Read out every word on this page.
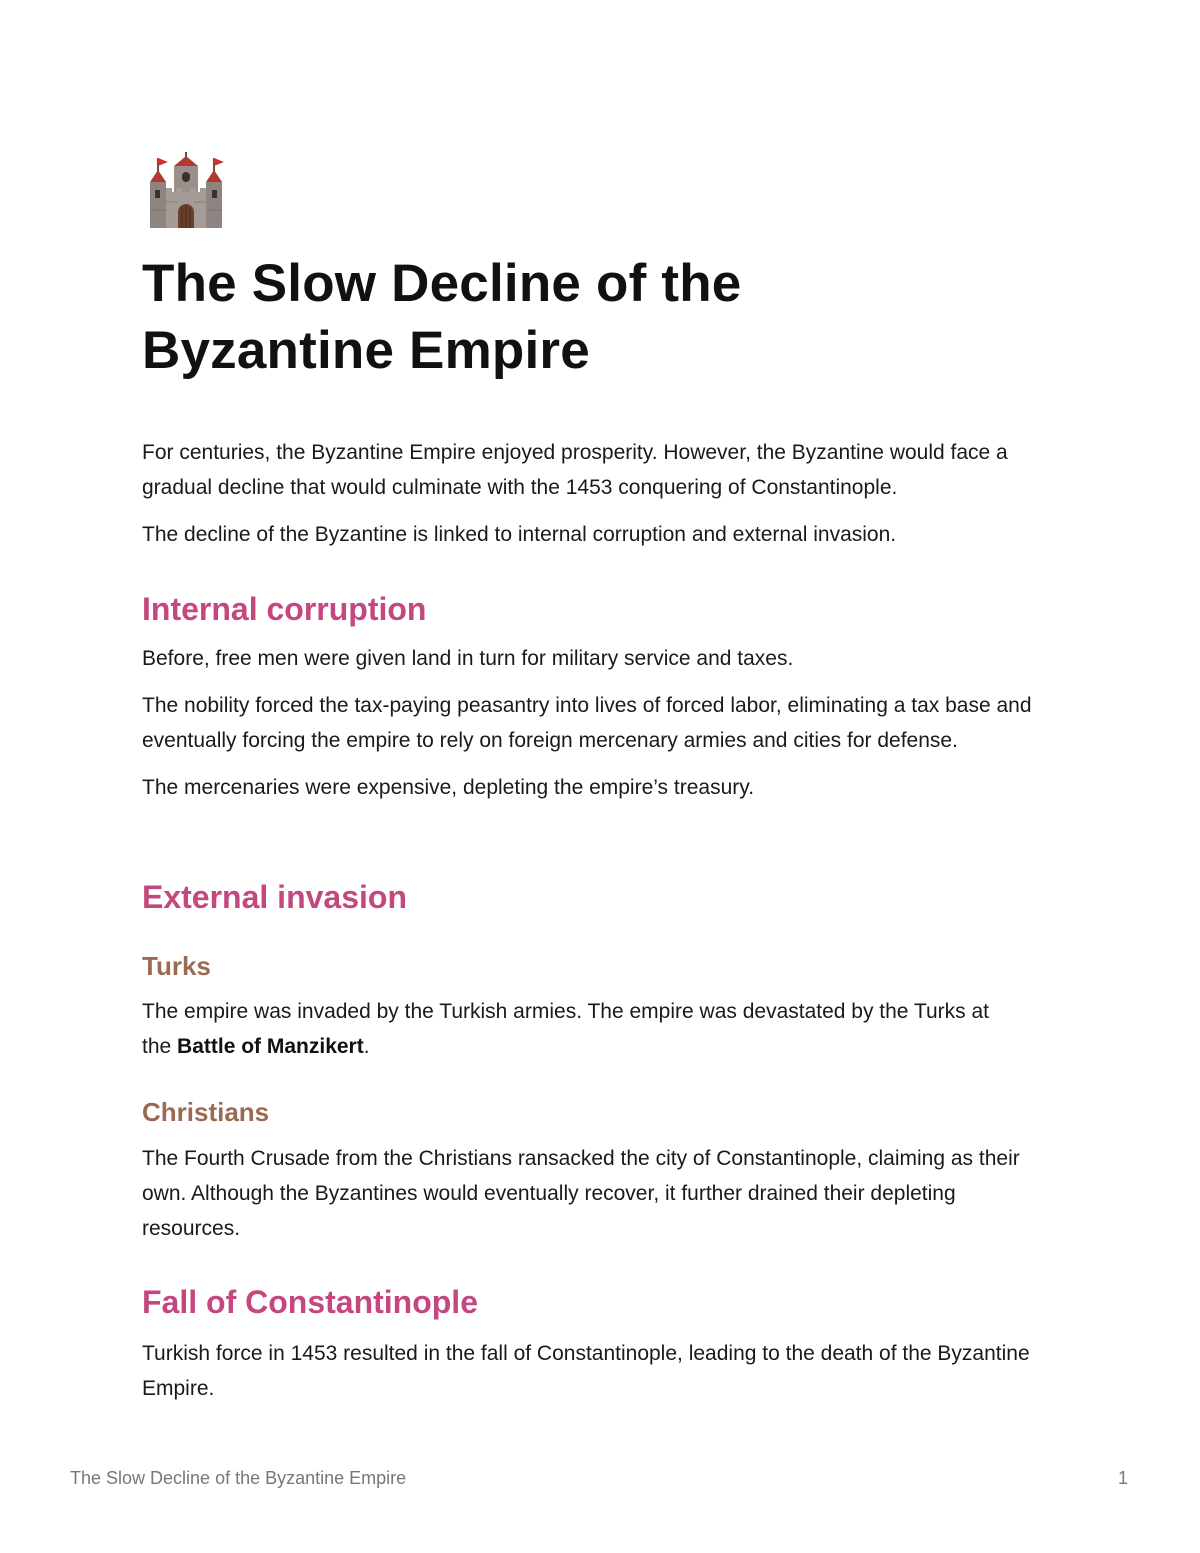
The Slow Decline of the Byzantine Empire

For centuries, the Byzantine Empire enjoyed prosperity. However, the Byzantine would face a gradual decline that would culminate with the 1453 conquering of Constantinople.

The decline of the Byzantine is linked to internal corruption and external invasion.

Internal corruption

Before, free men were given land in turn for military service and taxes.

The nobility forced the tax-paying peasantry into lives of forced labor, eliminating a tax base and eventually forcing the empire to rely on foreign mercenary armies and cities for defense.

The mercenaries were expensive, depleting the empire’s treasury.

External invasion
Turks

The empire was invaded by the Turkish armies. The empire was devastated by the Turks at the Battle of Manzikert.

Christians

The Fourth Crusade from the Christians ransacked the city of Constantinople, claiming as their own. Although the Byzantines would eventually recover, it further drained their depleting resources.

Fall of Constantinople

Turkish force in 1453 resulted in the fall of Constantinople, leading to the death of the Byzantine Empire.

The Slow Decline of the Byzantine Empire	1
